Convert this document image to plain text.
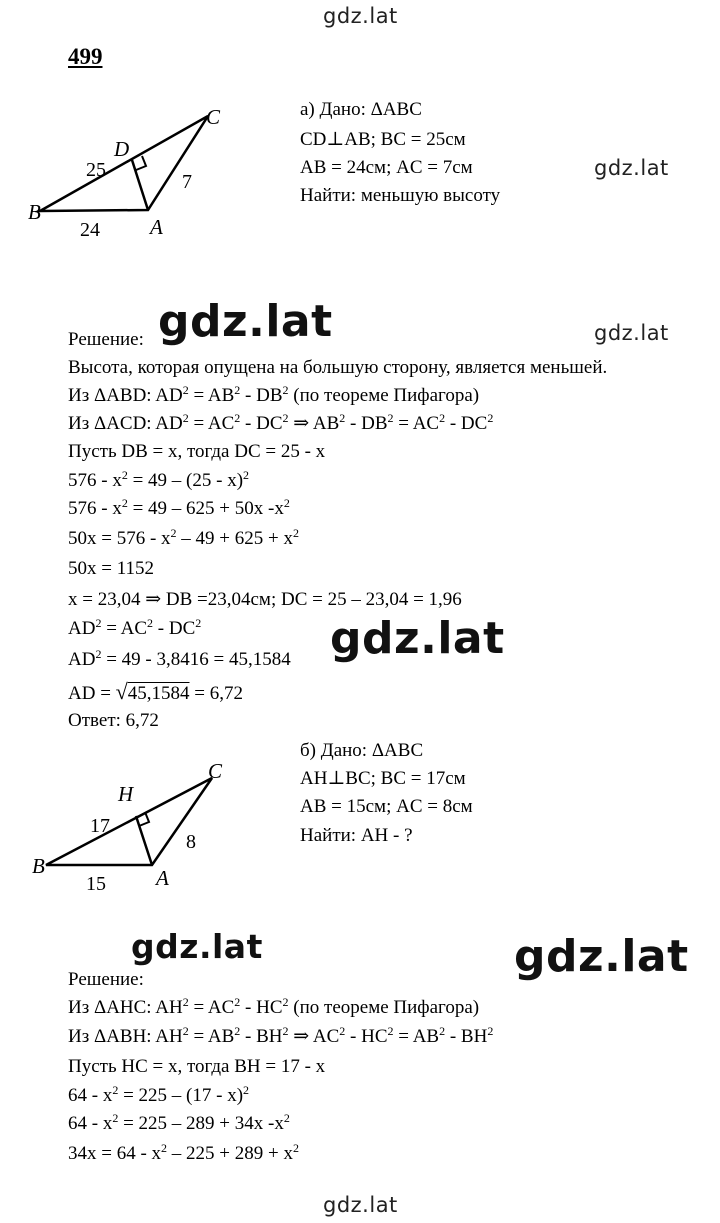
gdz.lat
gdz.lat
gdz.lat	gdz.lat
gdz.lat
gdz.lat	gdz.lat
gdz.lat
499
B
A
C
D
25
24
7
а) Дано: ΔABC
CD⊥AB; BC = 25см
AB = 24см; AC = 7см
Найти: меньшую высоту
Решение:
Высота, которая опущена на большую сторону, является меньшей.
Из ΔABD: $AD^2 = AB^2 - DB^2$ (по теореме Пифагора)
Из ΔACD: $AD^2 = AC^2 - DC^2$ ⇒ $AB^2 - DB^2 = AC^2 - DC^2$
Пусть DB = x, тогда DC = 25 - x
$576 - x^2 = 49 - (25 - x)^2$
$576 - x^2 = 49 - 625 + 50x$ $-x^2$
$50x = 576 - x^2 - 49 + 625 + x^2$
50x = 1152
x = 23,04 ⇒ DB =23,04см; DC = 25 – 23,04 = 1,96
$AD^2 = AC^2 - DC^2$
$AD^2 = 49 - 3,8416 = 45,1584$
AD = √45,1584 = 6,72
Ответ: 6,72
B	A
C
H
17
15
8
б) Дано: ΔABC
AH⊥BC; BC = 17см
AB = 15см; AC = 8см
Найти: AH - ?
Решение:
Из ΔAHC: $AH^2 = AC^2 - HC^2$ (по теореме Пифагора)
Из ΔABH: $AH^2 = AB^2 - BH^2$ ⇒ $AC^2 - HC^2 = AB^2 - BH^2$
Пусть HC = x, тогда BH = 17 - x
$64 - x^2 = 225 - (17 - x)^2$
$64 - x^2 = 225 - 289 + 34x$ $-x^2$
$34x = 64 - x^2 - 225 + 289 + x^2$
